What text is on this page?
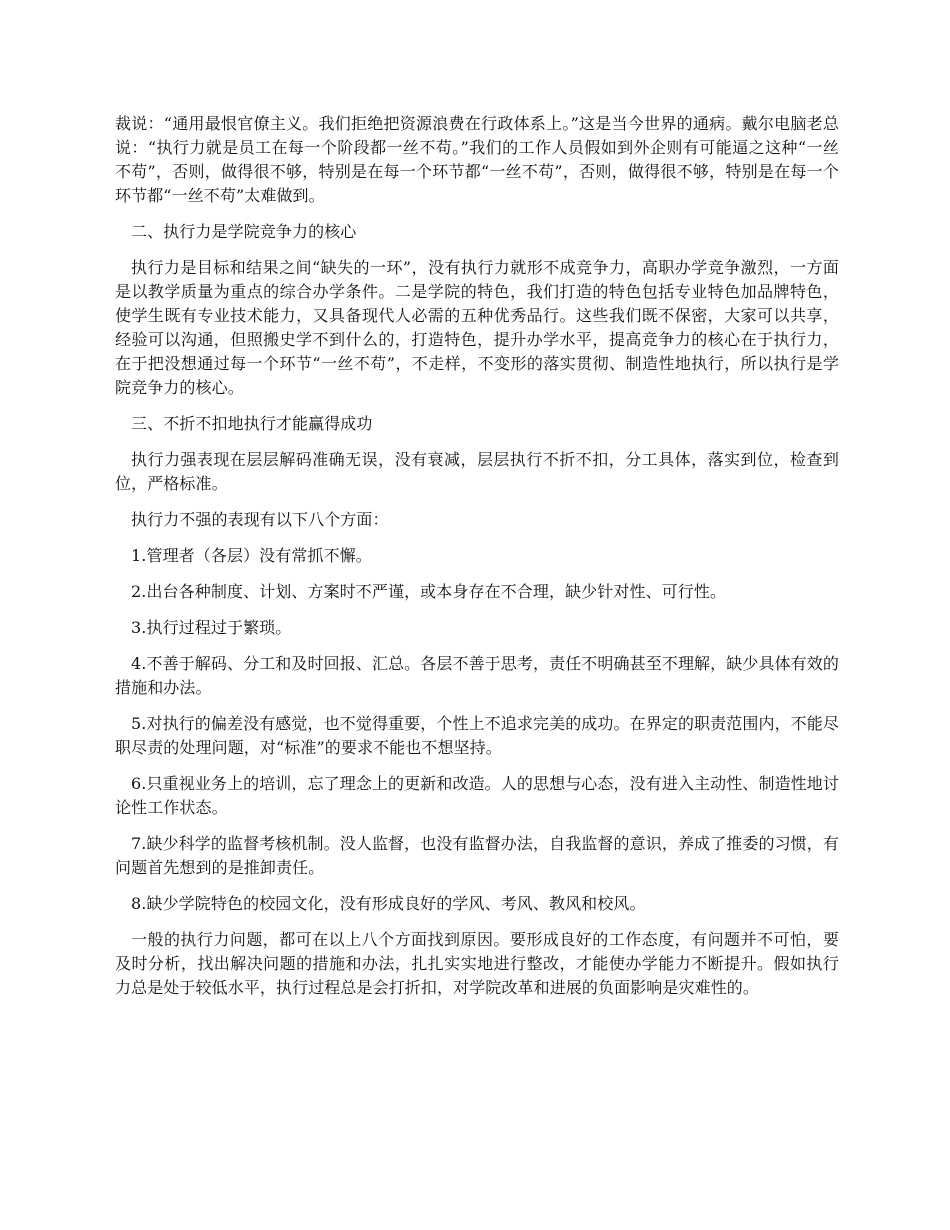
裁说：“通用最恨官僚主义。我们拒绝把资源浪费在行政体系上。”这是当今世界的通病。戴尔电脑老总说：“执行力就是员工在每一个阶段都一丝不苟。”我们的工作人员假如到外企则有可能逼之这种“一丝不苟”，否则，做得很不够，特别是在每一个环节都“一丝不苟”，否则，做得很不够，特别是在每一个环节都“一丝不苟”太难做到。

二、执行力是学院竞争力的核心

执行力是目标和结果之间“缺失的一环”，没有执行力就形不成竞争力，高职办学竞争激烈，一方面是以教学质量为重点的综合办学条件。二是学院的特色，我们打造的特色包括专业特色加品牌特色，使学生既有专业技术能力，又具备现代人必需的五种优秀品行。这些我们既不保密，大家可以共享，经验可以沟通，但照搬史学不到什么的，打造特色，提升办学水平，提高竞争力的核心在于执行力，在于把没想通过每一个环节“一丝不苟”，不走样，不变形的落实贯彻、制造性地执行，所以执行是学院竞争力的核心。

三、不折不扣地执行才能赢得成功

执行力强表现在层层解码准确无误，没有衰减，层层执行不折不扣，分工具体，落实到位，检查到位，严格标准。

执行力不强的表现有以下八个方面：

1.管理者（各层）没有常抓不懈。

2.出台各种制度、计划、方案时不严谨，或本身存在不合理，缺少针对性、可行性。

3.执行过程过于繁琐。

4.不善于解码、分工和及时回报、汇总。各层不善于思考，责任不明确甚至不理解，缺少具体有效的措施和办法。

5.对执行的偏差没有感觉，也不觉得重要，个性上不追求完美的成功。在界定的职责范围内，不能尽职尽责的处理问题，对“标准”的要求不能也不想坚持。

6.只重视业务上的培训，忘了理念上的更新和改造。人的思想与心态，没有进入主动性、制造性地讨论性工作状态。

7.缺少科学的监督考核机制。没人监督，也没有监督办法，自我监督的意识，养成了推委的习惯，有问题首先想到的是推卸责任。

8.缺少学院特色的校园文化，没有形成良好的学风、考风、教风和校风。

一般的执行力问题，都可在以上八个方面找到原因。要形成良好的工作态度，有问题并不可怕，要及时分析，找出解决问题的措施和办法，扎扎实实地进行整改，才能使办学能力不断提升。假如执行力总是处于较低水平，执行过程总是会打折扣，对学院改革和进展的负面影响是灾难性的。
